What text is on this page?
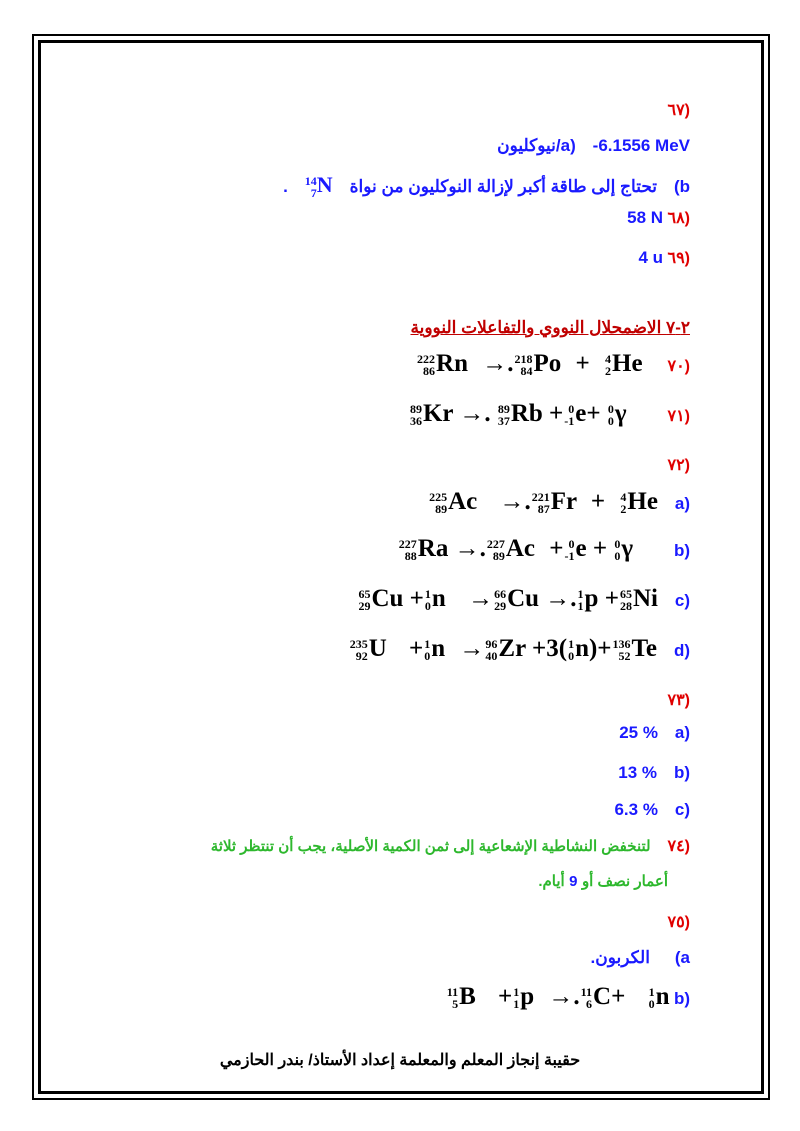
(٦٧
a)  -6.1556 MeV/نيوكليون
b)  تحتاج إلى طاقة أكبر لإزالة النوكليون من نواة
14
7 N  .
(٦٨ 58 N
(٦٩ 4 u
٢-٧ الاضمحلال النووي والتفاعلات النووية
(٧٠
222
86 Rn →. 218
84 Po + 4
2 He
(٧١
89
36 Kr →. 89
37 Rb + 0
-1 e+ 0
0 γ
(٧٢
(a
225
89 Ac →. 221
87 Fr + 4
2 He
(b
227
88 Ra →. 227
89 Ac + 0
-1 e + 0
0 γ
(c
65
29 Cu + 1
0 n → 66
29 Cu →. 1
1 p + 65
28 Ni
(d
235
92 U + 1
0 n → 96
40 Zr +3( 1
0 n)+ 136
52 Te
(٧٣
(a  25 %
(b  13 %
(c  6.3 %
(٧٤  لتنخفض النشاطية الإشعاعية إلى ثمن الكمية الأصلية، يجب أن تنتظر ثلاثة
أعمار نصف أو 9 أيام.
(٧٥
a)  الكربون.
(b
11
5 B + 1
1 p →. 11
6 C+ 1
0 n
حقيبة إنجاز المعلم والمعلمة إعداد الأستاذ/ بندر الحازمي
